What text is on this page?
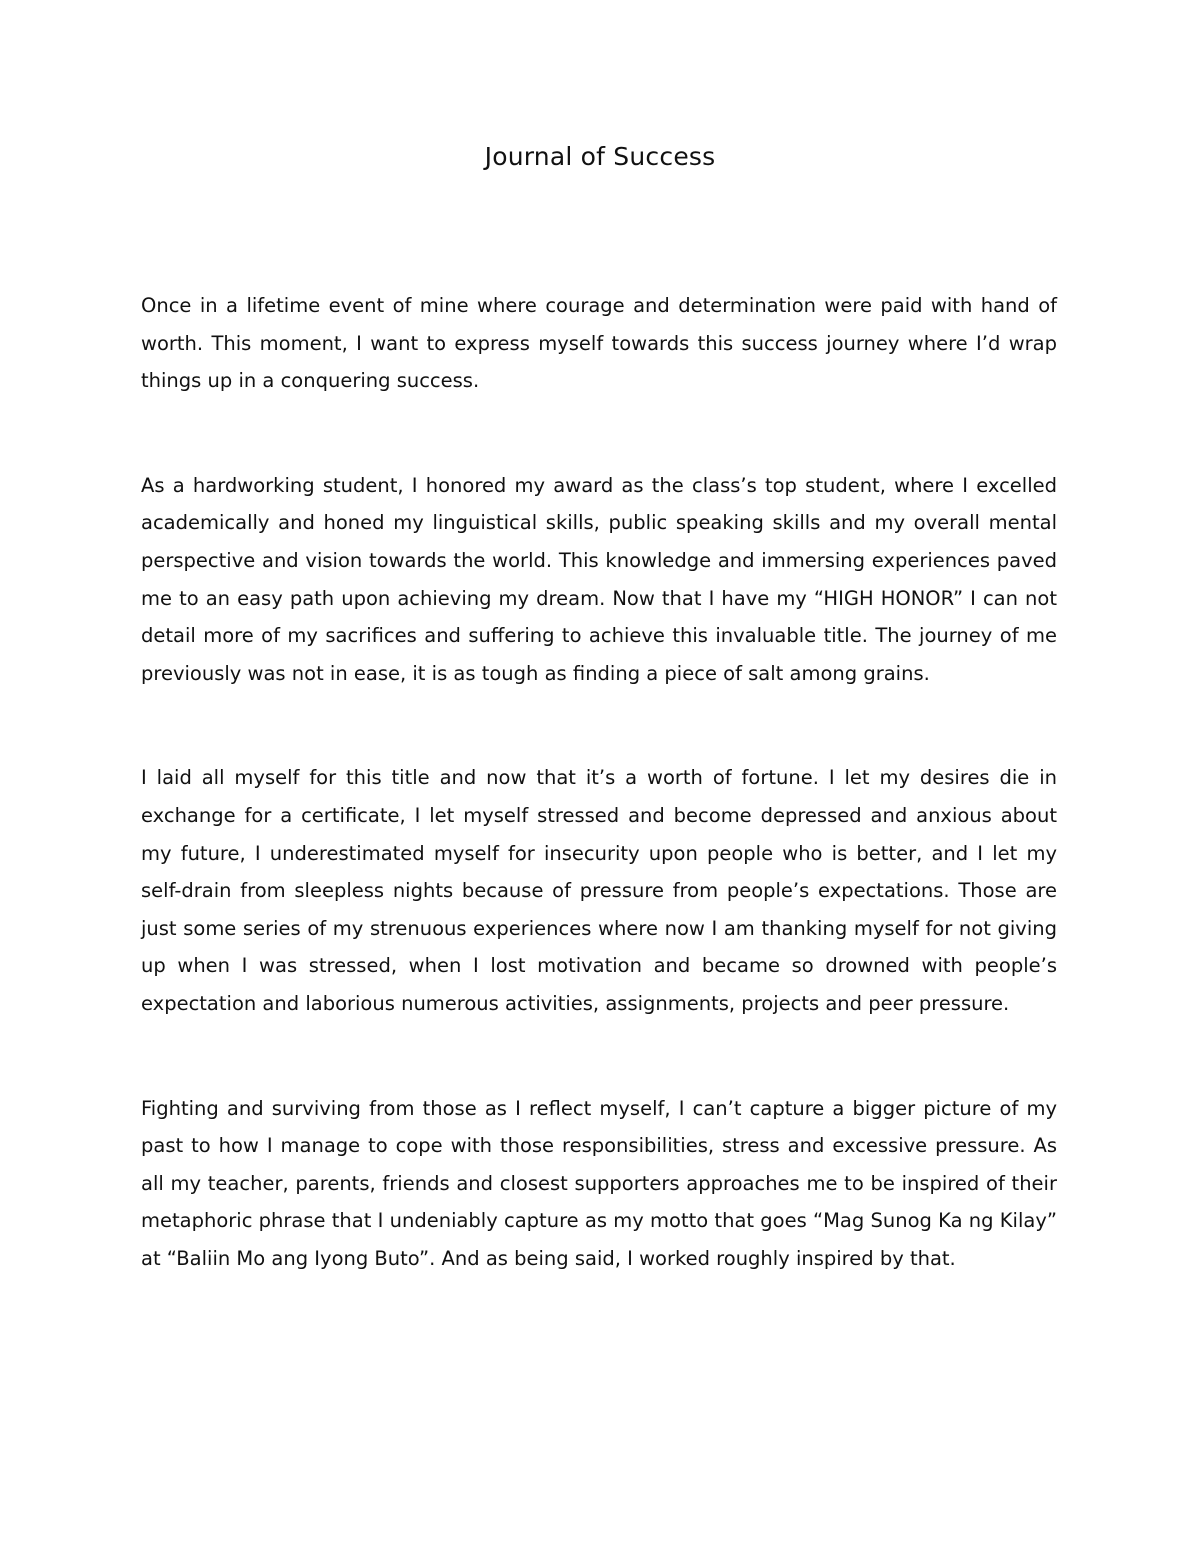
Journal of Success

Once in a lifetime event of mine where courage and determination were paid with hand of worth. This moment, I want to express myself towards this success journey where I’d wrap things up in a conquering success.

As a hardworking student, I honored my award as the class’s top student, where I excelled academically and honed my linguistical skills, public speaking skills and my overall mental perspective and vision towards the world. This knowledge and immersing experiences paved me to an easy path upon achieving my dream. Now that I have my “HIGH HONOR” I can not detail more of my sacrifices and suffering to achieve this invaluable title. The journey of me previously was not in ease, it is as tough as finding a piece of salt among grains.

I laid all myself for this title and now that it’s a worth of fortune. I let my desires die in exchange for a certificate, I let myself stressed and become depressed and anxious about my future, I underestimated myself for insecurity upon people who is better, and I let my self-drain from sleepless nights because of pressure from people’s expectations. Those are just some series of my strenuous experiences where now I am thanking myself for not giving up when I was stressed, when I lost motivation and became so drowned with people’s expectation and laborious numerous activities, assignments, projects and peer pressure.

Fighting and surviving from those as I reflect myself, I can’t capture a bigger picture of my past to how I manage to cope with those responsibilities, stress and excessive pressure. As all my teacher, parents, friends and closest supporters approaches me to be inspired of their metaphoric phrase that I undeniably capture as my motto that goes “Mag Sunog Ka ng Kilay” at “Baliin Mo ang Iyong Buto”. And as being said, I worked roughly inspired by that.
